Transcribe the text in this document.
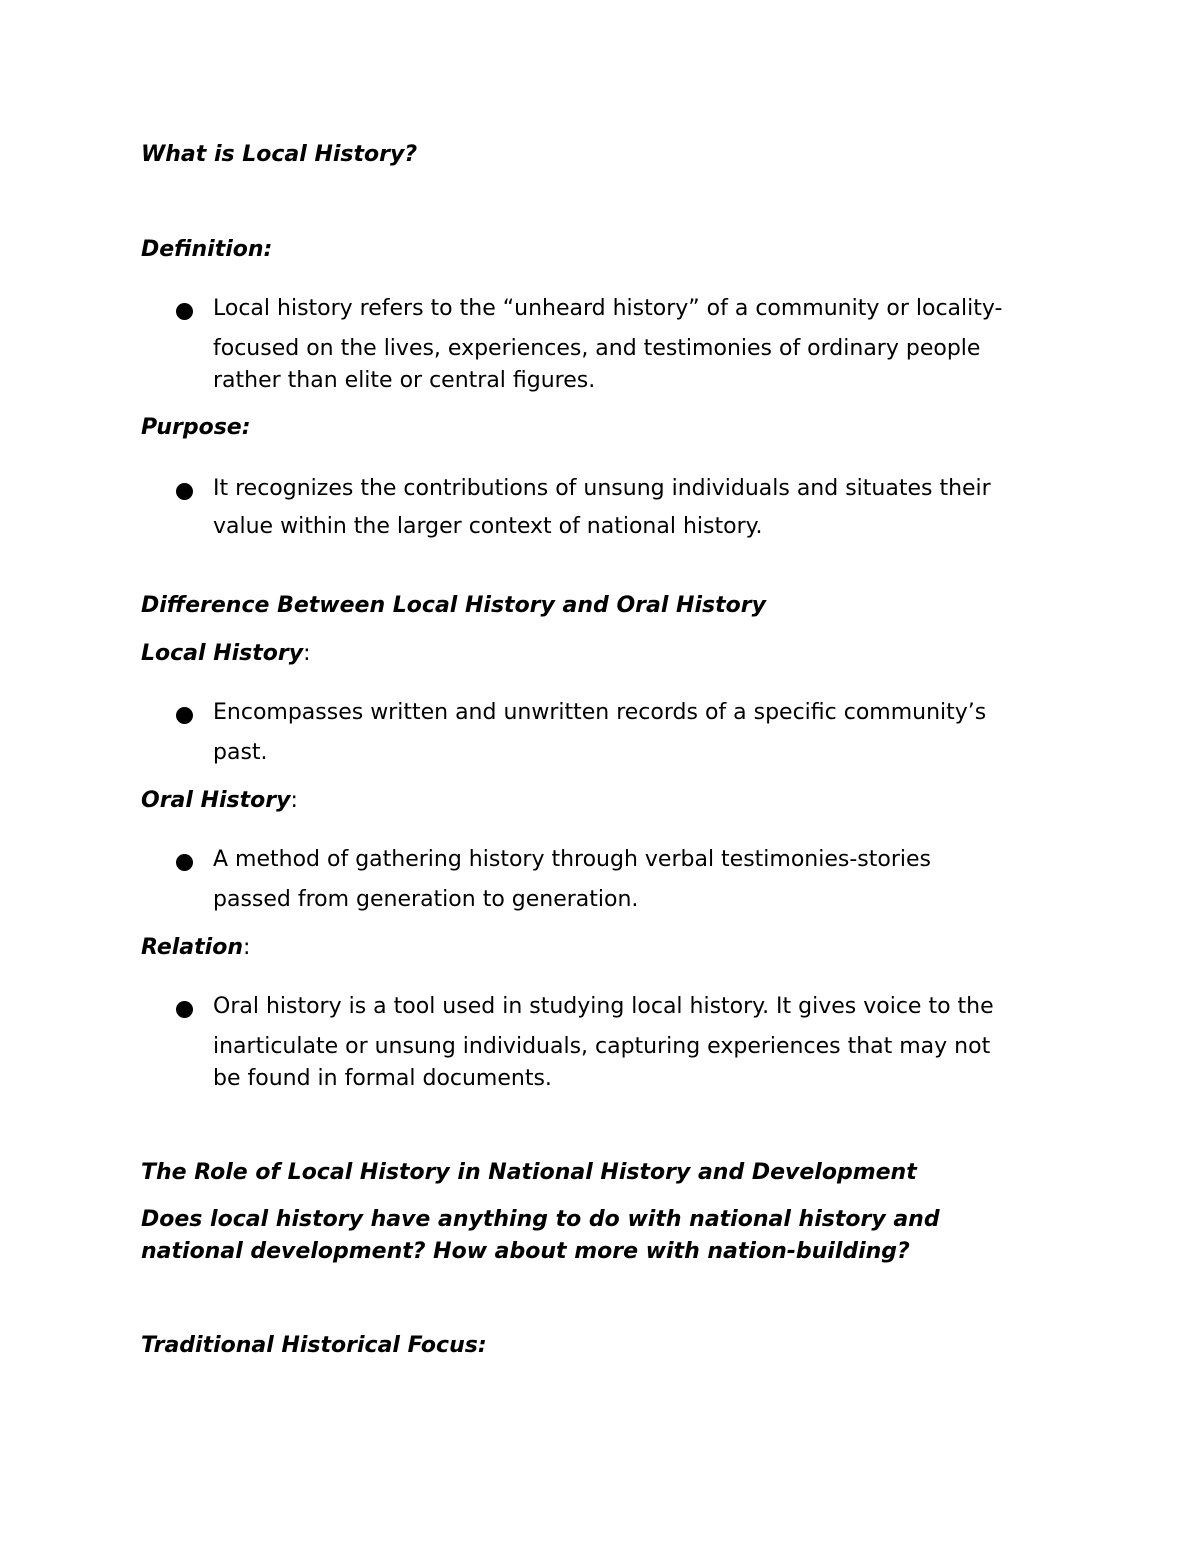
What is Local History?
Definition:
Local history refers to the “unheard history” of a community or locality-
focused on the lives, experiences, and testimonies of ordinary people
rather than elite or central figures.
Purpose:
It recognizes the contributions of unsung individuals and situates their
value within the larger context of national history.
Difference Between Local History and Oral History
Local History:
Encompasses written and unwritten records of a specific community’s
past.
Oral History:
A method of gathering history through verbal testimonies-stories
passed from generation to generation.
Relation:
Oral history is a tool used in studying local history. It gives voice to the
inarticulate or unsung individuals, capturing experiences that may not
be found in formal documents.
The Role of Local History in National History and Development

Does local history have anything to do with national history and
national development? How about more with nation-building?

Traditional Historical Focus:
